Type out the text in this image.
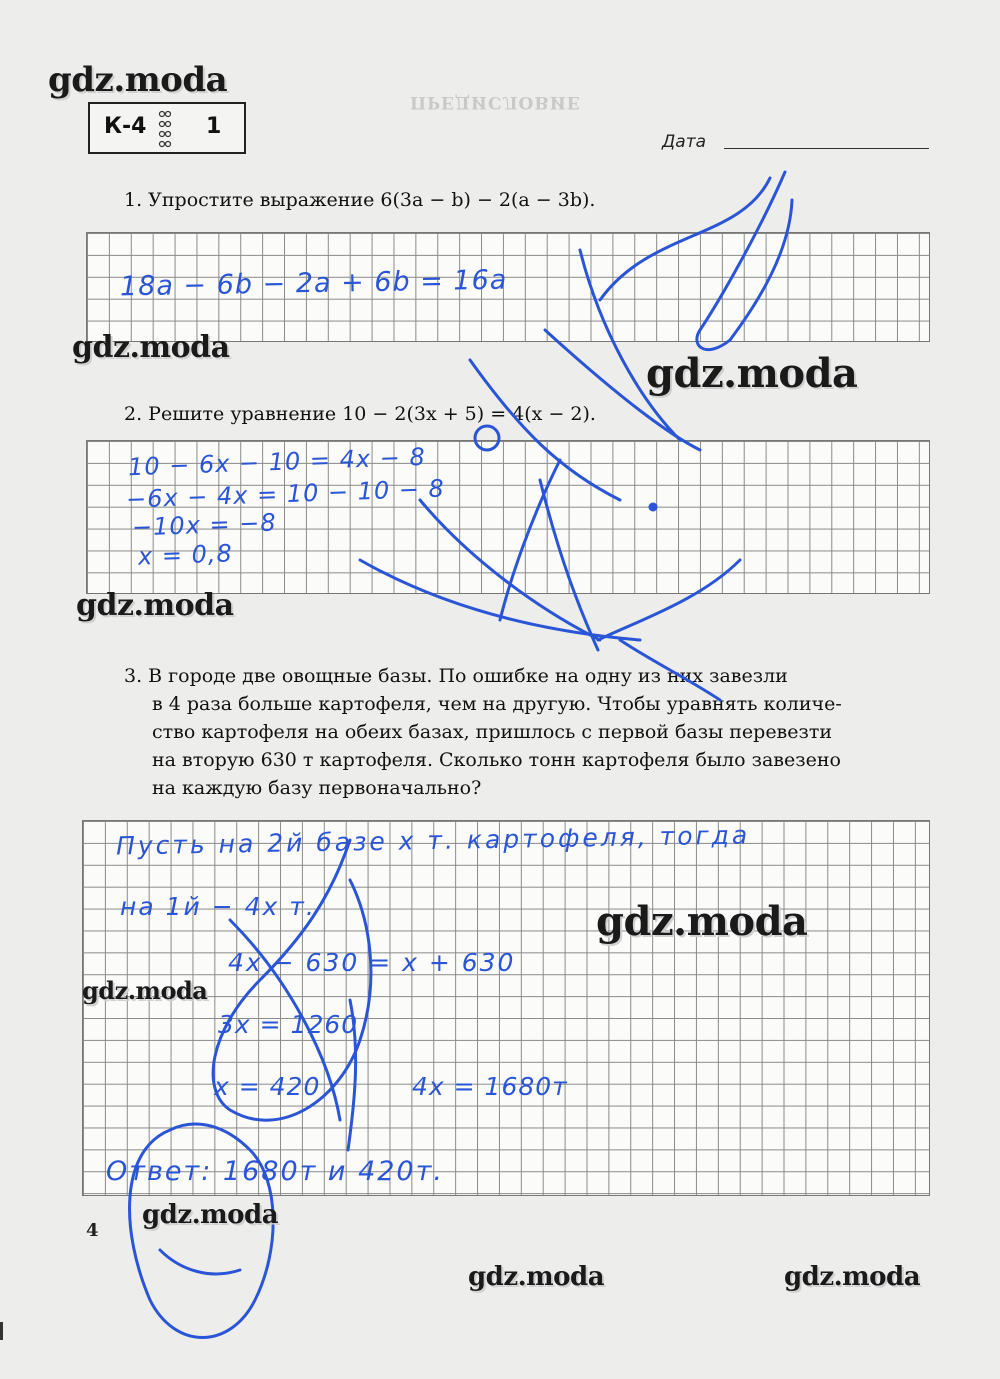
ПРЕДИСЛОВИЕ
К-4	1
Дата
1. Упростите выражение 6(3a − b) − 2(a − 3b).
18a − 6b − 2a + 6b = 16a
2. Решите уравнение 10 − 2(3x + 5) = 4(x − 2).
10 − 6x − 10 = 4x − 8
−6x − 4x = 10 − 10 − 8
−10x = −8
x = 0,8
3. В городе две овощные базы. По ошибке на одну из них завезли
в 4 раза больше картофеля, чем на другую. Чтобы уравнять количе-
ство картофеля на обеих базах, пришлось с первой базы перевезти
на вторую 630 т картофеля. Сколько тонн картофеля было завезено
на каждую базу первоначально?
Пусть на 2й базе x т. картофеля, тогда
на 1й − 4x т.
4x − 630 = x + 630
3x = 1260
x = 420	4x = 1680т
Ответ: 1680т и 420т.
gdz.moda
gdz.moda
gdz.moda
gdz.moda
gdz.moda
gdz.moda
gdz.moda
gdz.moda	gdz.moda
4
